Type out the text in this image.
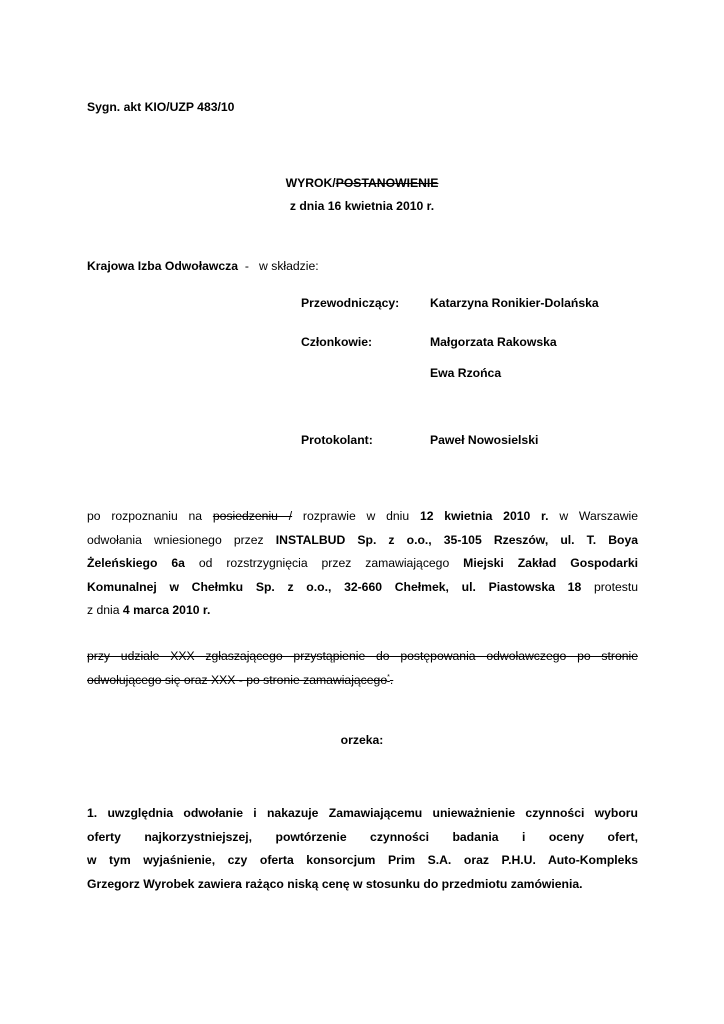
Sygn. akt KIO/UZP 483/10
WYROK/POSTANOWIENIE
z dnia 16 kwietnia 2010 r.
Krajowa Izba Odwoławcza - w składzie:
Przewodniczący:	Katarzyna Ronikier-Dolańska
Członkowie:	Małgorzata Rakowska
Ewa Rzońca
Protokolant:	Paweł Nowosielski
po rozpoznaniu na posiedzeniu / rozprawie w dniu 12 kwietnia 2010 r. w Warszawie
odwołania wniesionego przez INSTALBUD Sp. z o.o., 35-105 Rzeszów, ul. T. Boya
Żeleńskiego 6a od rozstrzygnięcia przez zamawiającego Miejski Zakład Gospodarki
Komunalnej w Chełmku Sp. z o.o., 32-660 Chełmek, ul. Piastowska 18 protestu
z dnia 4 marca 2010 r.
przy udziale XXX zgłaszającego przystąpienie do postępowania odwoławczego po stronie
odwołującego się oraz XXX - po stronie zamawiającego*.
orzeka:
1. uwzględnia odwołanie i nakazuje Zamawiającemu unieważnienie czynności wyboru
oferty najkorzystniejszej, powtórzenie czynności badania i oceny ofert,
w tym wyjaśnienie, czy oferta konsorcjum Prim S.A. oraz P.H.U. Auto-Kompleks
Grzegorz Wyrobek zawiera rażąco niską cenę w stosunku do przedmiotu zamówienia.
